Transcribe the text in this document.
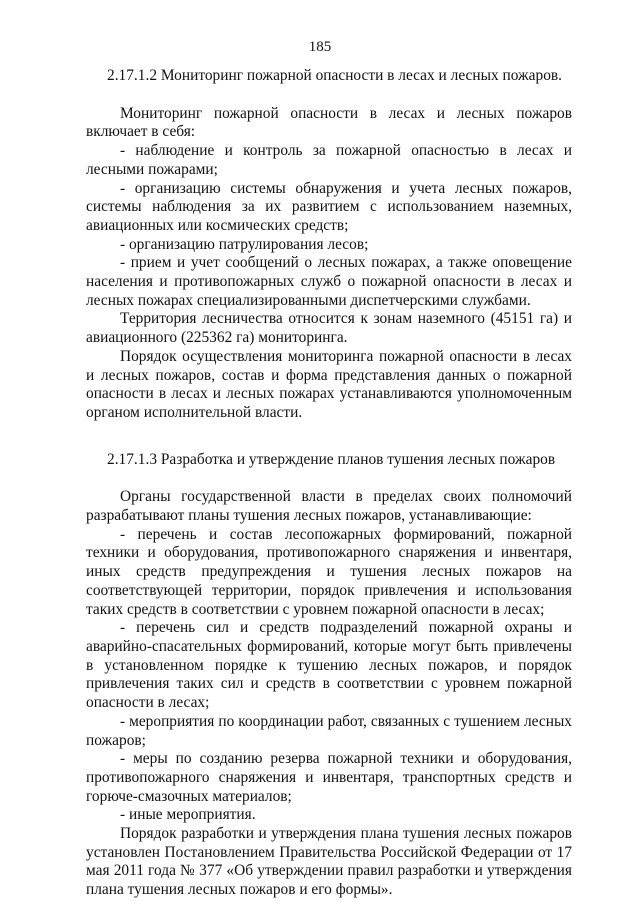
185

2.17.1.2 Мониторинг пожарной опасности в лесах и лесных пожаров.

Мониторинг пожарной опасности в лесах и лесных пожаров включает в себя:

- наблюдение и контроль за пожарной опасностью в лесах и лесными пожарами;

- организацию системы обнаружения и учета лесных пожаров, системы наблюдения за их развитием с использованием наземных, авиационных или космических средств;

- организацию патрулирования лесов;

- прием и учет сообщений о лесных пожарах, а также оповещение населения и противопожарных служб о пожарной опасности в лесах и лесных пожарах специализированными диспетчерскими службами.

Территория лесничества относится к зонам наземного (45151 га) и авиационного (225362 га) мониторинга.

Порядок осуществления мониторинга пожарной опасности в лесах и лесных пожаров, состав и форма представления данных о пожарной опасности в лесах и лесных пожарах устанавливаются уполномоченным органом исполнительной власти.

2.17.1.3 Разработка и утверждение планов тушения лесных пожаров

Органы государственной власти в пределах своих полномочий разрабатывают планы тушения лесных пожаров, устанавливающие:

- перечень и состав лесопожарных формирований, пожарной техники и оборудования, противопожарного снаряжения и инвентаря, иных средств предупреждения и тушения лесных пожаров на соответствующей территории, порядок привлечения и использования таких средств в соответствии с уровнем пожарной опасности в лесах;

- перечень сил и средств подразделений пожарной охраны и аварийно-спасательных формирований, которые могут быть привлечены в установленном порядке к тушению лесных пожаров, и порядок привлечения таких сил и средств в соответствии с уровнем пожарной опасности в лесах;

- мероприятия по координации работ, связанных с тушением лесных пожаров;

- меры по созданию резерва пожарной техники и оборудования, противопожарного снаряжения и инвентаря, транспортных средств и горюче-смазочных материалов;

- иные мероприятия.

Порядок разработки и утверждения плана тушения лесных пожаров установлен Постановлением Правительства Российской Федерации от 17 мая 2011 года № 377 «Об утверждении правил разработки и утверждения плана тушения лесных пожаров и его формы».
